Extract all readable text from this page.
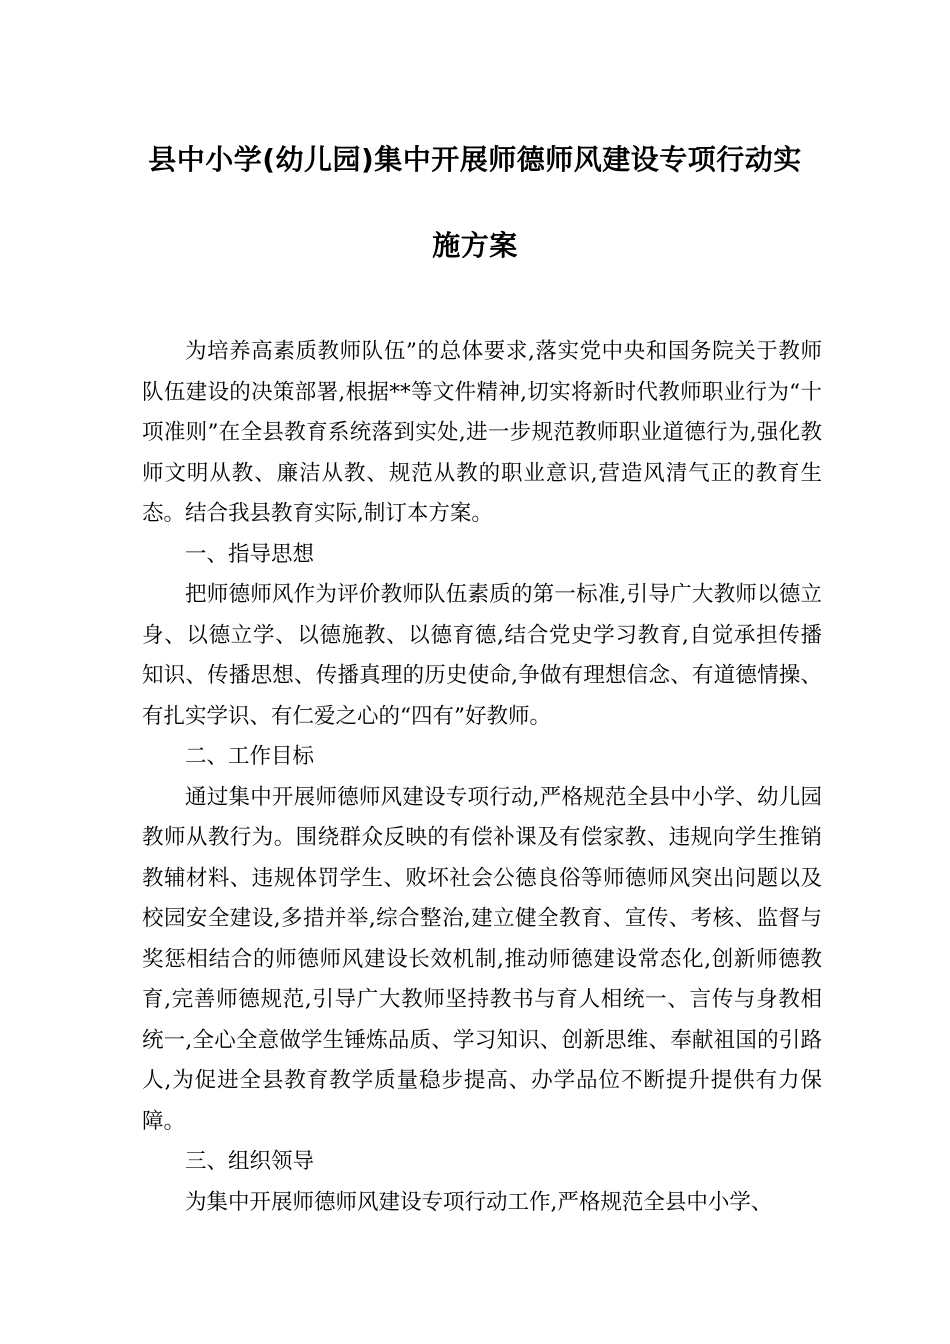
县中小学(幼儿园)集中开展师德师风建设专项行动实
施方案

为培养高素质教师队伍”的总体要求,落实党中央和国务院关于教师队伍建设的决策部署,根据**等文件精神,切实将新时代教师职业行为“十项准则”在全县教育系统落到实处,进一步规范教师职业道德行为,强化教师文明从教、廉洁从教、规范从教的职业意识,营造风清气正的教育生态。结合我县教育实际,制订本方案。

一、指导思想

把师德师风作为评价教师队伍素质的第一标准,引导广大教师以德立身、以德立学、以德施教、以德育德,结合党史学习教育,自觉承担传播知识、传播思想、传播真理的历史使命,争做有理想信念、有道德情操、有扎实学识、有仁爱之心的“四有”好教师。

二、工作目标

通过集中开展师德师风建设专项行动,严格规范全县中小学、幼儿园教师从教行为。围绕群众反映的有偿补课及有偿家教、违规向学生推销教辅材料、违规体罚学生、败坏社会公德良俗等师德师风突出问题以及校园安全建设,多措并举,综合整治,建立健全教育、宣传、考核、监督与奖惩相结合的师德师风建设长效机制,推动师德建设常态化,创新师德教育,完善师德规范,引导广大教师坚持教书与育人相统一、言传与身教相统一,全心全意做学生锤炼品质、学习知识、创新思维、奉献祖国的引路人,为促进全县教育教学质量稳步提高、办学品位不断提升提供有力保障。

三、组织领导

为集中开展师德师风建设专项行动工作,严格规范全县中小学、
